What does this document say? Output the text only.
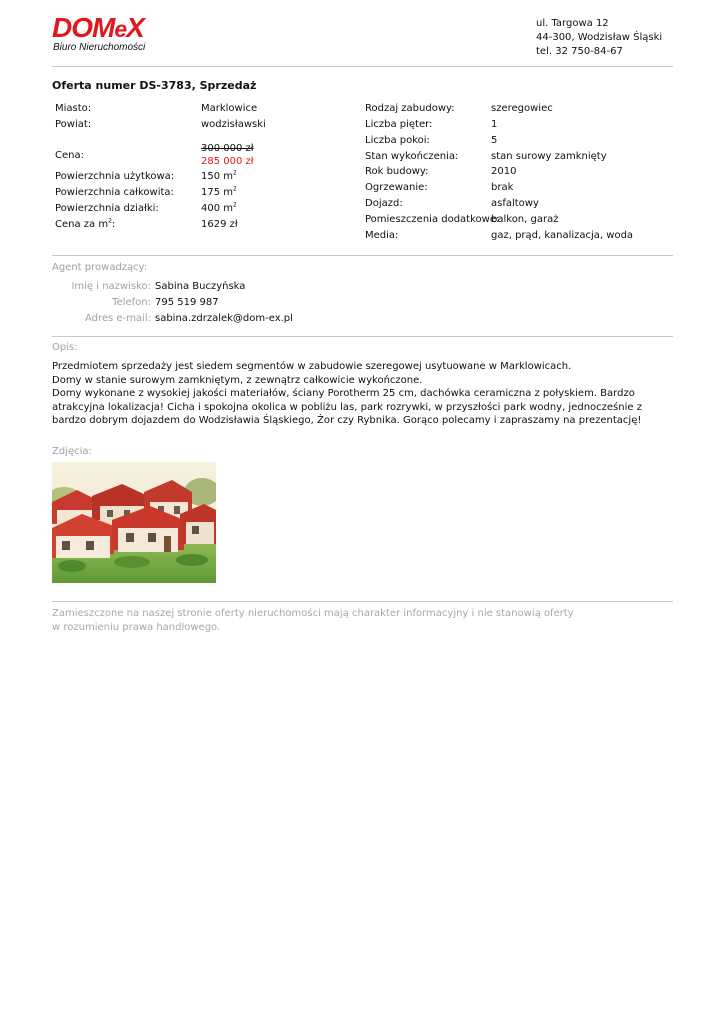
DOMeX
Biuro Nieruchomości
ul. Targowa 12
44-300, Wodzisław Śląski
tel. 32 750-84-67
Oferta numer DS-3783, Sprzedaż
Miasto:	Marklowice
Powiat:	wodzisławski
Cena:
300 000 zł
285 000 zł
Powierzchnia użytkowa:	150 $m^2$
Powierzchnia całkowita:	175 $m^2$
Powierzchnia działki:	400 $m^2$
Cena za $m^2$:	1629 zł
Rodzaj zabudowy:	szeregowiec
Liczba pięter:	1
Liczba pokoi:	5
Stan wykończenia:	stan surowy zamknięty
Rok budowy:	2010
Ogrzewanie:	brak
Dojazd:	asfaltowy
Pomieszczenia dodatkowe:
balkon, garaż
Media:	gaz, prąd, kanalizacja, woda
Agent prowadzący:
Imię i nazwisko: Sabina Buczyńska
Telefon: 795 519 987
Adres e-mail: sabina.zdrzalek@dom-ex.pl
Opis:
Przedmiotem sprzedaży jest siedem segmentów w zabudowie szeregowej usytuowane w Marklowicach.
Domy w stanie surowym zamkniętym, z zewnątrz całkowicie wykończone.
Domy wykonane z wysokiej jakości materiałów, ściany Porotherm 25 cm, dachówka ceramiczna z połyskiem. Bardzo atrakcyjna lokalizacja! Cicha i spokojna okolica w pobliżu las, park rozrywki, w przyszłości park wodny, jednocześnie z bardzo dobrym dojazdem do Wodzisławia Śląskiego, Żor czy Rybnika. Gorąco polecamy i zapraszamy na prezentację!
Zdjęcia:
Zamieszczone na naszej stronie oferty nieruchomości mają charakter informacyjny i nie stanowią oferty
w rozumieniu prawa handlowego.
